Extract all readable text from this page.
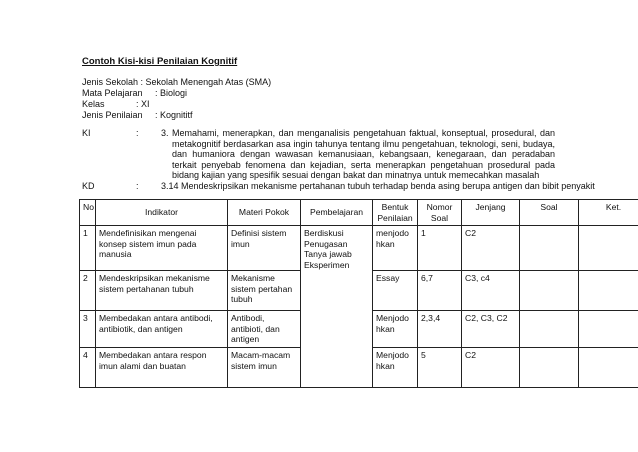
Contoh Kisi-kisi Penilaian Kognitif
Jenis Sekolah : Sekolah Menengah Atas (SMA)
Mata Pelajaran : Biologi
Kelas	: XI
Jenis Penilaian : Kognititf
KI	: 3. Memahami, menerapkan, dan menganalisis pengetahuan faktual, konseptual, prosedural, dan metakognitif berdasarkan asa ingin tahunya tentang ilmu pengetahuan, teknologi, seni, budaya, dan humaniora dengan wawasan kemanusiaan, kebangsaan, kenegaraan, dan peradaban terkait penyebab fenomena dan kejadian, serta menerapkan pengetahuan prosedural pada bidang kajian yang spesifik sesuai dengan bakat dan minatnya untuk memecahkan masalah
KD	: 3.14 Mendeskripsikan mekanisme pertahanan tubuh terhadap benda asing berupa antigen dan bibit penyakit
No	Indikator	Materi Pokok	Pembelajaran	Bentuk Penilaian	Nomor Soal	Jenjang	Soal	Ket.
1	Mendefinisikan mengenai konsep sistem imun pada manusia	Definisi sistem imun	Berdiskusi Penugasan Tanya jawab Eksperimen	menjodo hkan	1	C2		
2	Mendeskripsikan mekanisme sistem pertahanan tubuh	Mekanisme sistem pertahan tubuh		Essay	6,7	C3, c4		
3	Membedakan antara antibodi, antibiotik, dan antigen	Antibodi, antibioti, dan antigen		Menjodo hkan	2,3,4	C2, C3, C2		
4	Membedakan antara respon imun alami dan buatan	Macam-macam sistem imun		Menjodo hkan	5	C2		
